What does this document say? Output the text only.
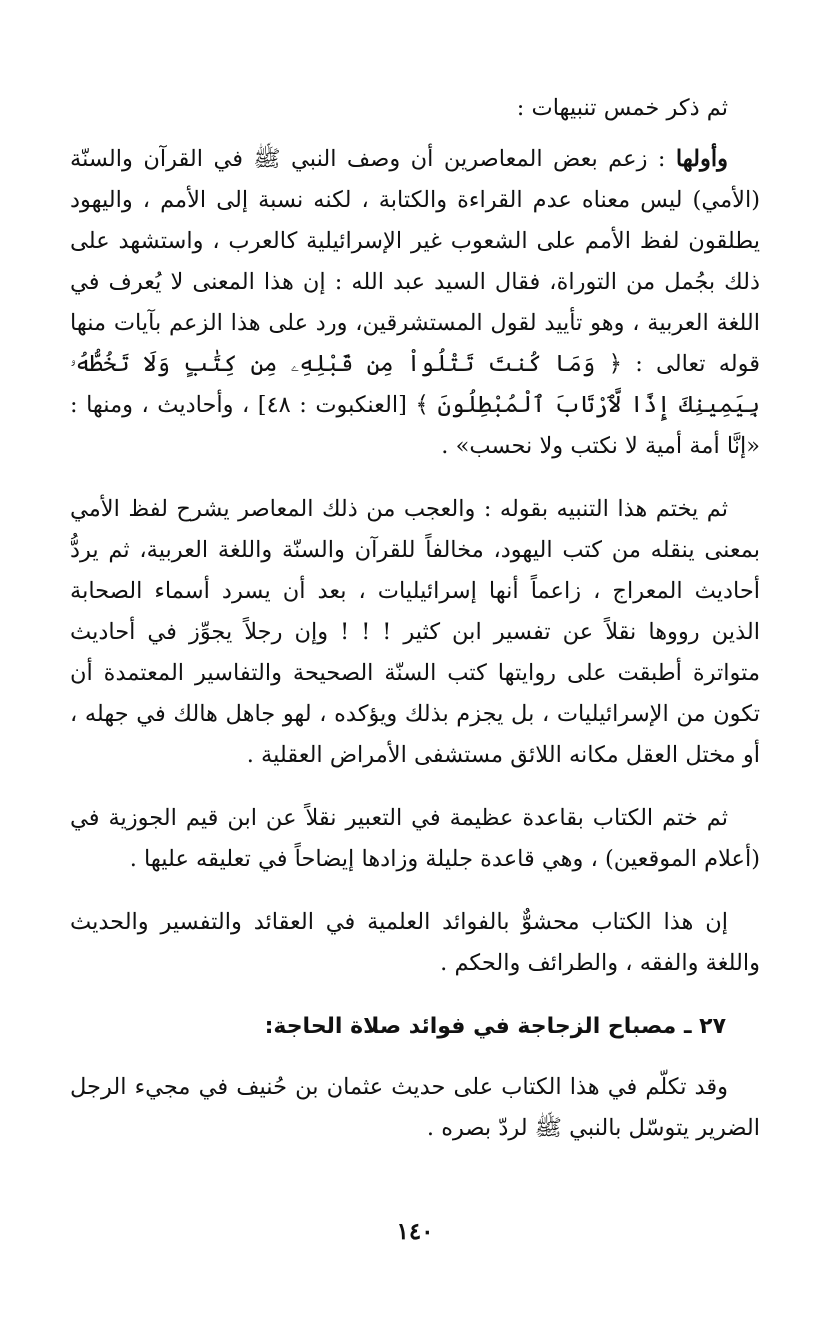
ثم ذكر خمس تنبيهات :

وأولها : زعم بعض المعاصرين أن وصف النبي ﷺ في القرآن والسنّة (الأمي) ليس معناه عدم القراءة والكتابة ، لكنه نسبة إلى الأمم ، واليهود يطلقون لفظ الأمم على الشعوب غير الإسرائيلية كالعرب ، واستشهد على ذلك بجُمل من التوراة، فقال السيد عبد الله : إن هذا المعنى لا يُعرف في اللغة العربية ، وهو تأييد لقول المستشرقين، ورد على هذا الزعم بآيات منها قوله تعالى : ﴿ وَمَا كُنتَ تَتْلُواْ مِن قَبْلِهِۦ مِن كِتَٰبٍ وَلَا تَخُطُّهُۥ بِيَمِينِكَ إِذًا لَّٱرْتَابَ ٱلْمُبْطِلُونَ ﴾ [العنكبوت : ٤٨] ، وأحاديث ، ومنها : «إنَّا أمة أمية لا نكتب ولا نحسب» .

ثم يختم هذا التنبيه بقوله : والعجب من ذلك المعاصر يشرح لفظ الأمي بمعنى ينقله من كتب اليهود، مخالفاً للقرآن والسنّة واللغة العربية، ثم يردُّ أحاديث المعراج ، زاعماً أنها إسرائيليات ، بعد أن يسرد أسماء الصحابة الذين رووها نقلاً عن تفسير ابن كثير ! ! ! وإن رجلاً يجوِّز في أحاديث متواترة أطبقت على روايتها كتب السنّة الصحيحة والتفاسير المعتمدة أن تكون من الإسرائيليات ، بل يجزم بذلك ويؤكده ، لهو جاهل هالك في جهله ، أو مختل العقل مكانه اللائق مستشفى الأمراض العقلية .

ثم ختم الكتاب بقاعدة عظيمة في التعبير نقلاً عن ابن قيم الجوزية في (أعلام الموقعين) ، وهي قاعدة جليلة وزادها إيضاحاً في تعليقه عليها .

إن هذا الكتاب محشوٌّ بالفوائد العلمية في العقائد والتفسير والحديث واللغة والفقه ، والطرائف والحكم .

٢٧ ـ مصباح الزجاجة في فوائد صلاة الحاجة:

وقد تكلّم في هذا الكتاب على حديث عثمان بن حُنيف في مجيء الرجل الضرير يتوسّل بالنبي ﷺ لردّ بصره .

١٤٠
